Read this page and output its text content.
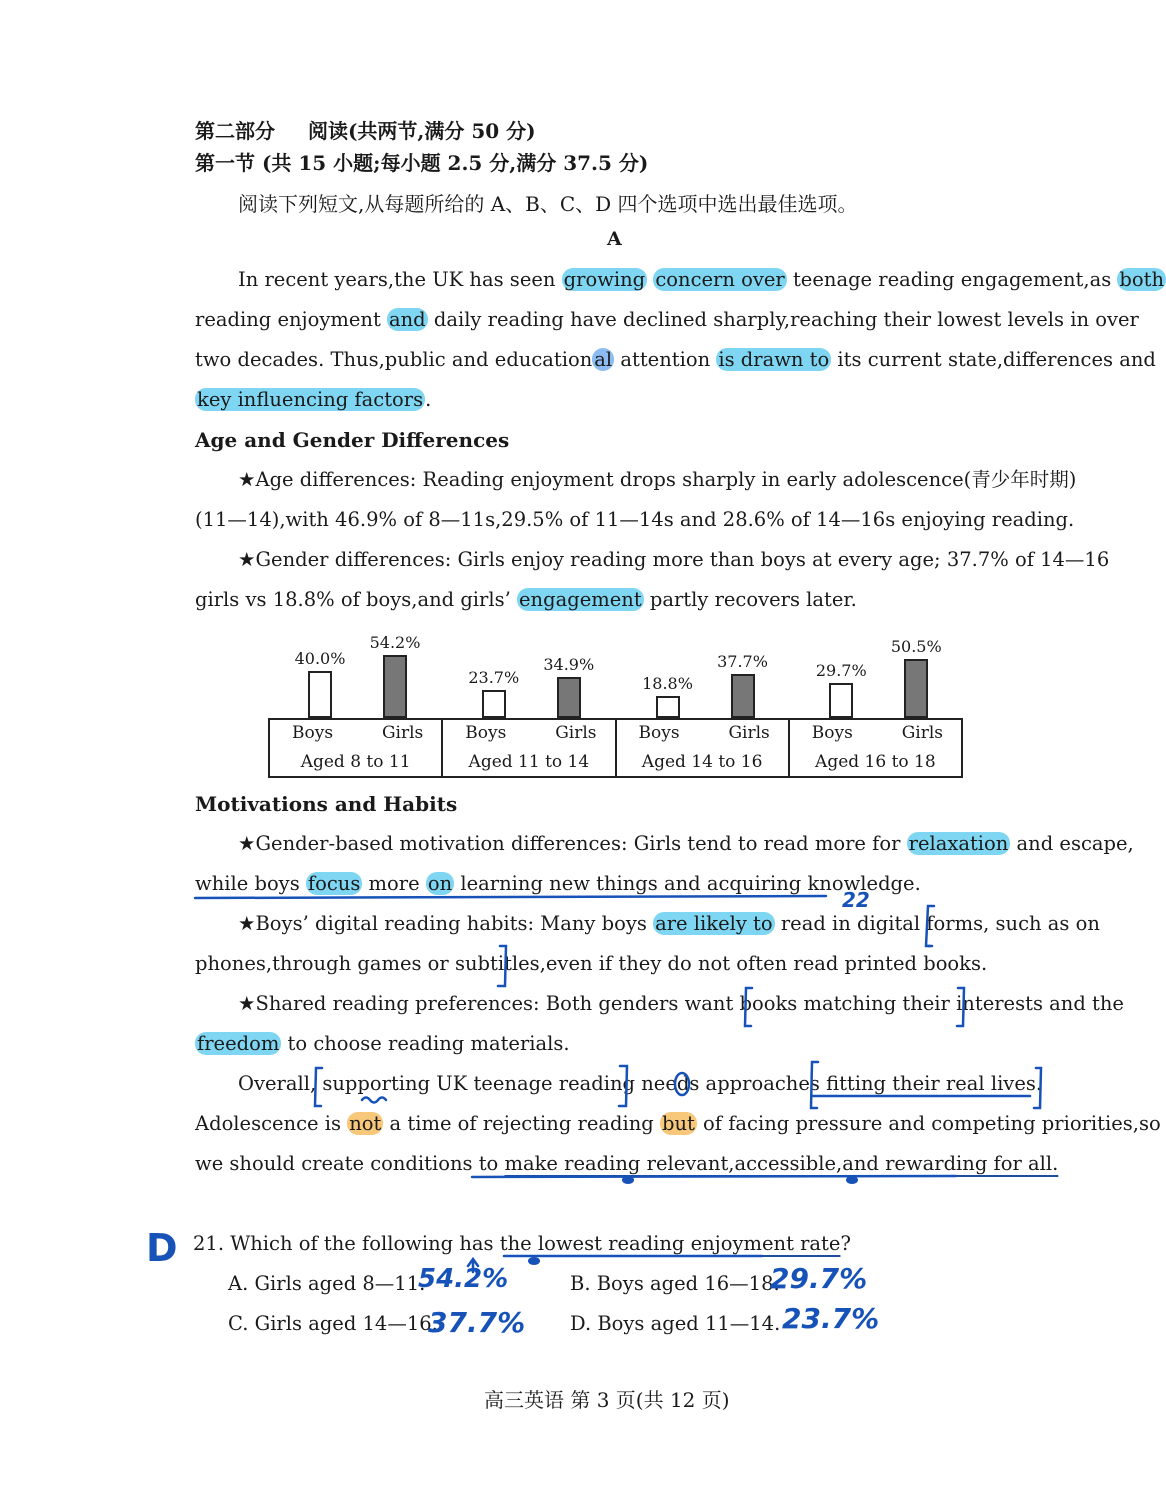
第二部分 阅读(共两节,满分 50 分)
第一节 (共 15 小题;每小题 2.5 分,满分 37.5 分)
阅读下列短文,从每题所给的 A、B、C、D 四个选项中选出最佳选项。
A
In recent years,the UK has seen growing concern over teenage reading engagement,as both
reading enjoyment and daily reading have declined sharply,reaching their lowest levels in over
two decades. Thus,public and education al attention is drawn to its current state,differences and
key influencing factors .
Age and Gender Differences
★Age differences: Reading enjoyment drops sharply in early adolescence(青少年时期)
(11—14),with 46.9% of 8—11s,29.5% of 11—14s and 28.6% of 14—16s enjoying reading.
★Gender differences: Girls enjoy reading more than boys at every age; 37.7% of 14—16
girls vs 18.8% of boys,and girls’ engagement partly recovers later.
Boys	Girls
Aged 8 to 11
Boys	Girls
Aged 11 to 14
Boys	Girls
Aged 14 to 16
Boys	Girls
Aged 16 to 18
40.0%
54.2%
23.7%
34.9%
18.8%
37.7%	29.7%
50.5%
Motivations and Habits
★Gender-based motivation differences: Girls tend to read more for relaxation and escape,
while boys focus more on learning new things and acquiring knowledge.
★Boys’ digital reading habits: Many boys are likely to read in digital forms, such as on
phones,through games or subtitles,even if they do not often read printed books.
★Shared reading preferences: Both genders want books matching their interests and the
freedom to choose reading materials.
Overall, supporting UK teenage reading needs approaches fitting their real lives.
Adolescence is not a time of rejecting reading but of facing pressure and competing priorities,so
we should create conditions to make reading relevant,accessible,and rewarding for all.
21. Which of the following has the lowest reading enjoyment rate?
A. Girls aged 8—11.	B. Boys aged 16—18.
C. Girls aged 14—16.	D. Boys aged 11—14.
D
22
54.2%	29.7%
37.7%	23.7%
高三英语 第 3 页(共 12 页)
